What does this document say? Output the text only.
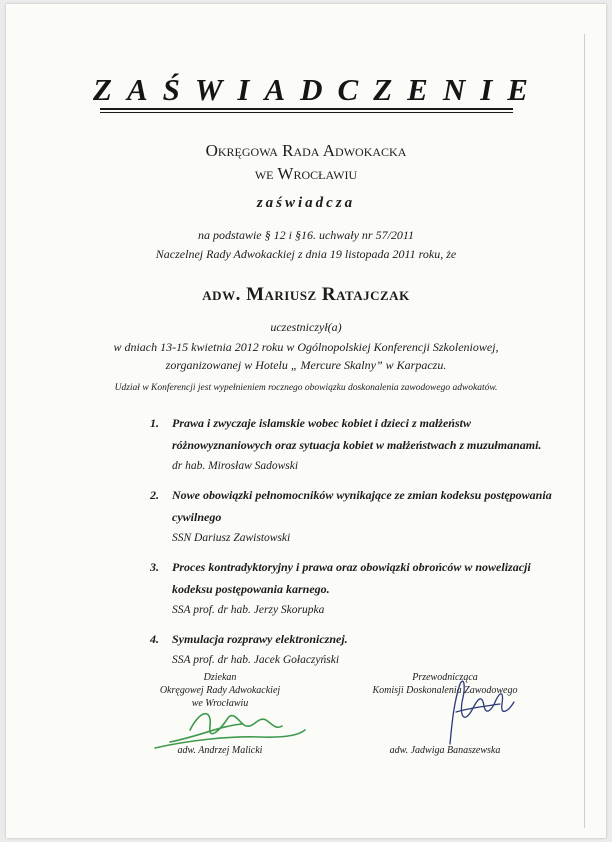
ZAŚWIADCZENIE

Okręgowa Rada Adwokacka

we Wrocławiu

zaświadcza

na podstawie § 12 i §16. uchwały nr 57/2011

Naczelnej Rady Adwokackiej z dnia 19 listopada 2011 roku, że

adw. Mariusz Ratajczak

uczestniczył(a)

w dniach 13-15 kwietnia 2012 roku w Ogólnopolskiej Konferencji Szkoleniowej,

zorganizowanej w Hotelu „ Mercure Skalny” w Karpaczu.

Udział w Konferencji jest wypełnieniem rocznego obowiązku doskonalenia zawodowego adwokatów.

1.	Prawa i zwyczaje islamskie wobec kobiet i dzieci z małżeństw różnowyznaniowych oraz sytuacja kobiet w małżeństwach z muzułmanami.
dr hab. Mirosław Sadowski
2.	Nowe obowiązki pełnomocników wynikające ze zmian kodeksu postępowania cywilnego
SSN Dariusz Zawistowski
3.	Proces kontradyktoryjny i prawa oraz obowiązki obrońców w nowelizacji kodeksu postępowania karnego.
SSA prof. dr hab. Jerzy Skorupka
4.	Symulacja rozprawy elektronicznej.
SSA prof. dr hab. Jacek Gołaczyński
Dziekan
Okręgowej Rady Adwokackiej
we Wrocławiu
adw. Andrzej Malicki
Przewodnicząca
Komisji Doskonalenia Zawodowego
adw. Jadwiga Banaszewska
